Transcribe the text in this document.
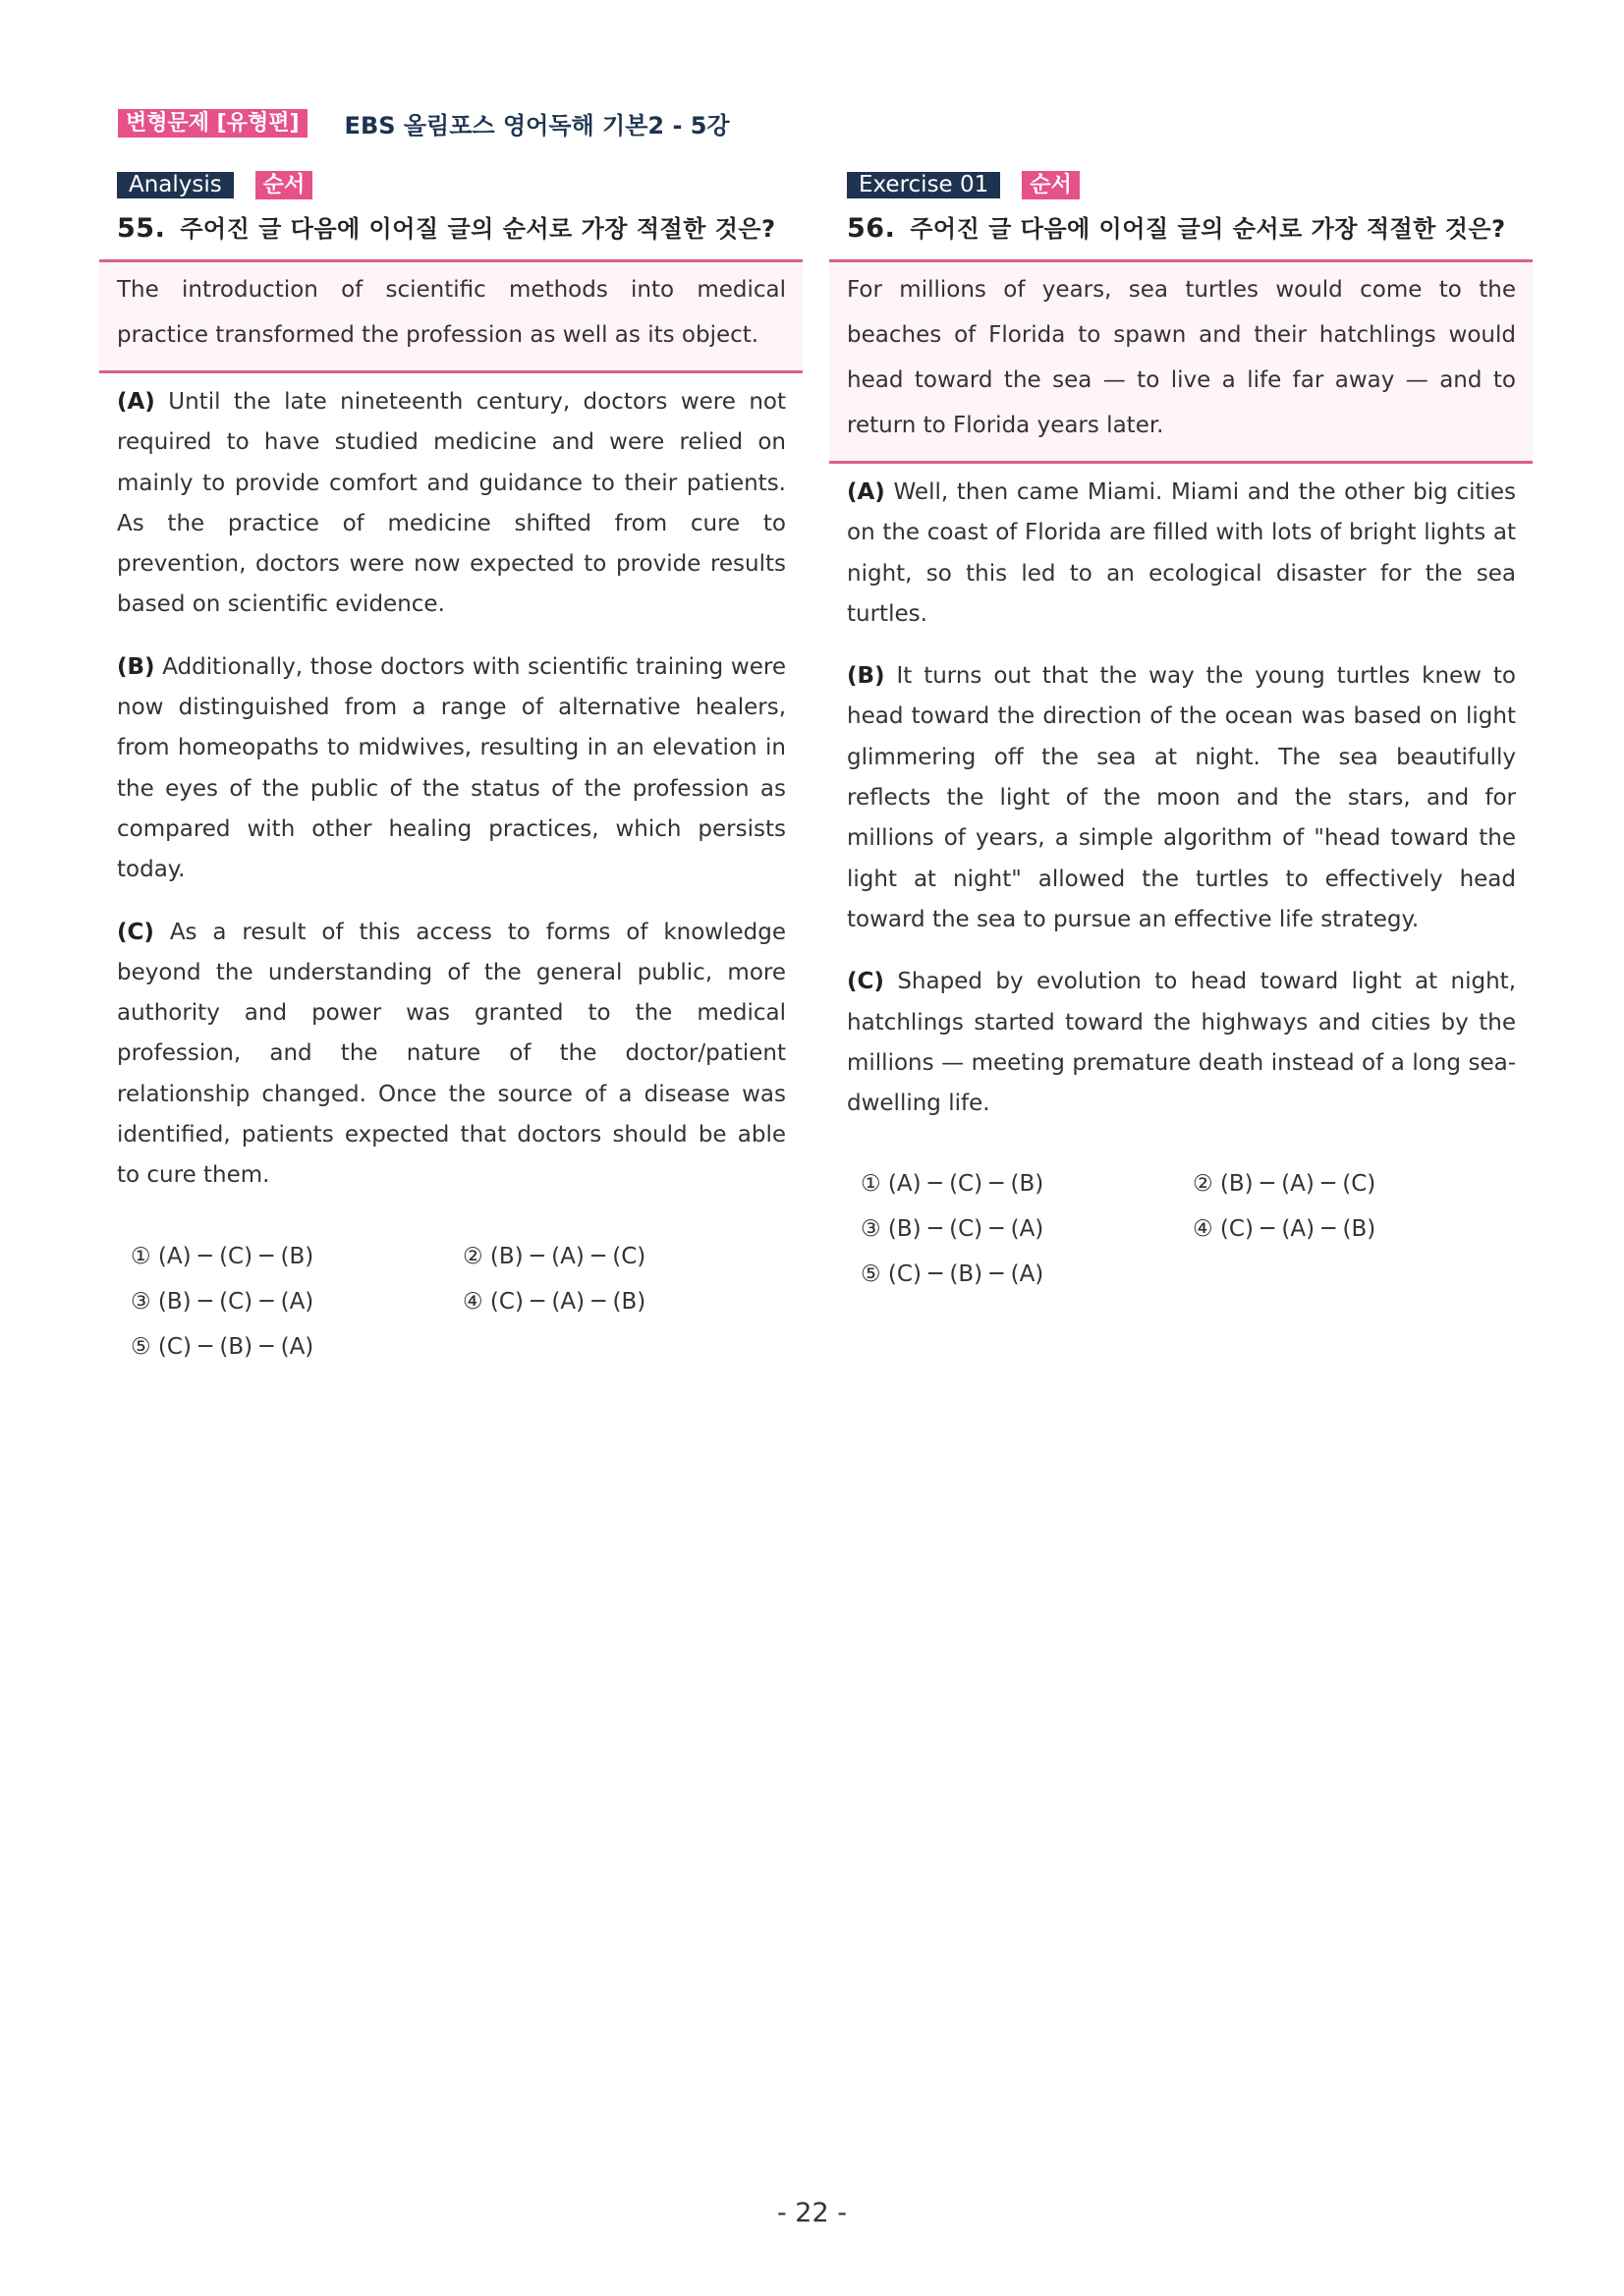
변형문제 [유형편]	EBS 올림포스 영어독해 기본2 - 5강
Analysis	순서
55. 주어진 글 다음에 이어질 글의 순서로 가장 적절한 것은?

The introduction of scientific methods into medical practice transformed the profession as well as its object.

(A) Until the late nineteenth century, doctors were not required to have studied medicine and were relied on mainly to provide comfort and guidance to their patients. As the practice of medicine shifted from cure to prevention, doctors were now expected to provide results based on scientific evidence.
(B) Additionally, those doctors with scientific training were now distinguished from a range of alternative healers, from homeopaths to midwives, resulting in an elevation in the eyes of the public of the status of the profession as compared with other healing practices, which persists today.
(C) As a result of this access to forms of knowledge beyond the understanding of the general public, more authority and power was granted to the medical profession, and the nature of the doctor/patient relationship changed. Once the source of a disease was identified, patients expected that doctors should be able to cure them.
① (A) ─ (C) ─ (B)	② (B) ─ (A) ─ (C)
③ (B) ─ (C) ─ (A)	④ (C) ─ (A) ─ (B)
⑤ (C) ─ (B) ─ (A)
Exercise 01	순서
56. 주어진 글 다음에 이어질 글의 순서로 가장 적절한 것은?

For millions of years, sea turtles would come to the beaches of Florida to spawn and their hatchlings would head toward the sea — to live a life far away — and to return to Florida years later.

(A) Well, then came Miami. Miami and the other big cities on the coast of Florida are filled with lots of bright lights at night, so this led to an ecological disaster for the sea turtles.
(B) It turns out that the way the young turtles knew to head toward the direction of the ocean was based on light glimmering off the sea at night. The sea beautifully reflects the light of the moon and the stars, and for millions of years, a simple algorithm of "head toward the light at night" allowed the turtles to effectively head toward the sea to pursue an effective life strategy.
(C) Shaped by evolution to head toward light at night, hatchlings started toward the highways and cities by the millions — meeting premature death instead of a long sea-dwelling life.
① (A) ─ (C) ─ (B)	② (B) ─ (A) ─ (C)
③ (B) ─ (C) ─ (A)	④ (C) ─ (A) ─ (B)
⑤ (C) ─ (B) ─ (A)
- 22 -
